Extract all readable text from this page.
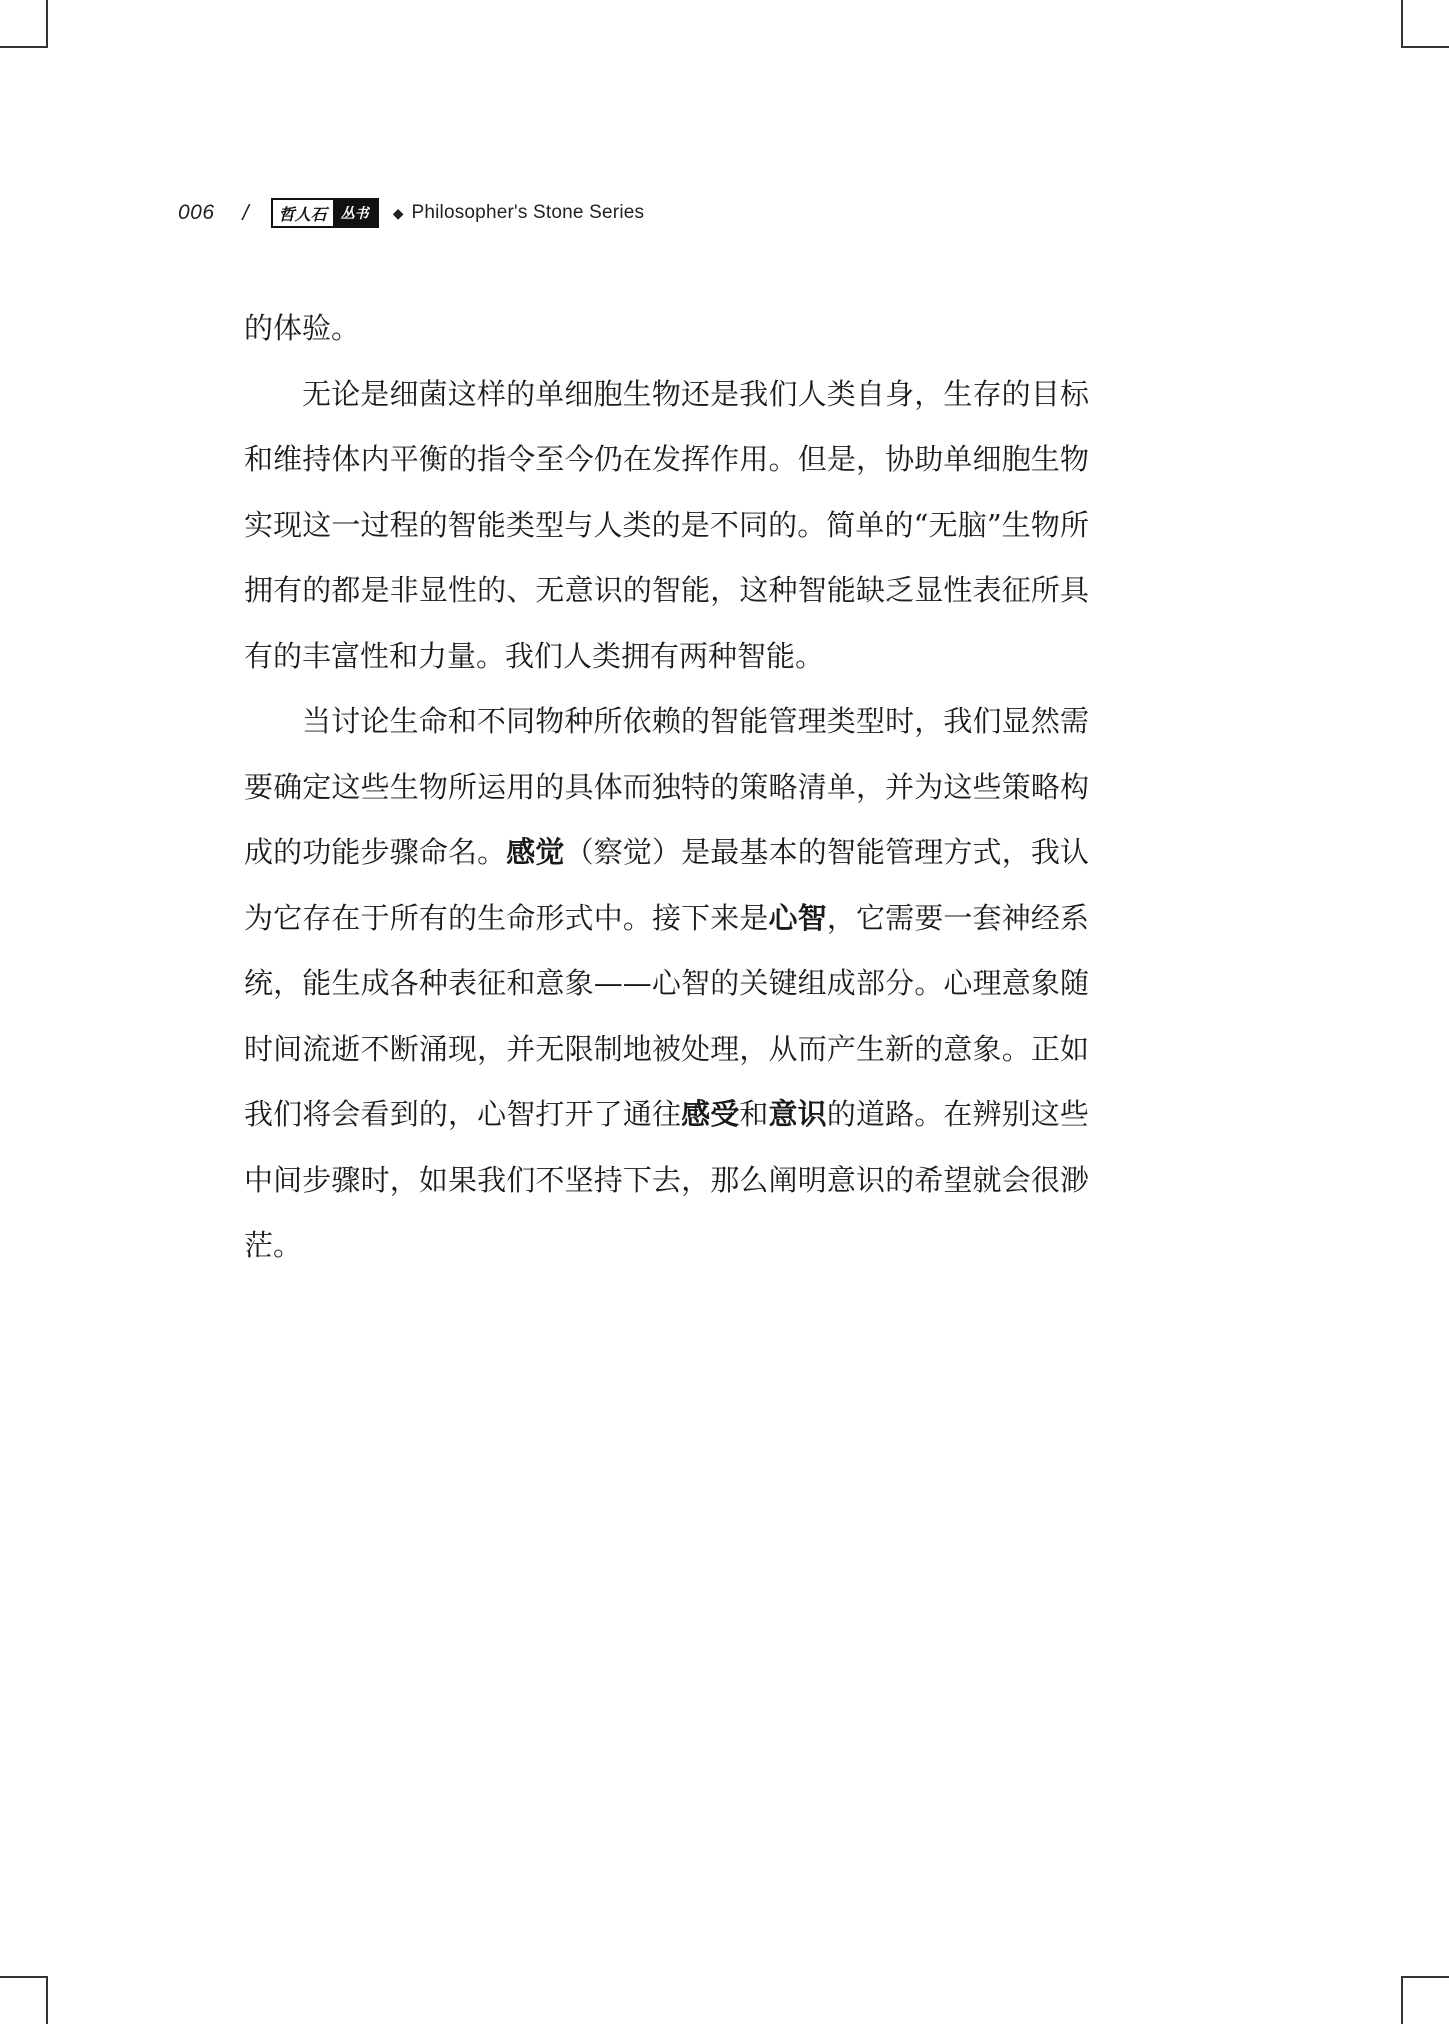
006 /	哲人石	丛书	◆ Philosopher's Stone Series

的体验。

无论是细菌这样的单细胞生物还是我们人类自身，生存的目标和维持体内平衡的指令至今仍在发挥作用。但是，协助单细胞生物实现这一过程的智能类型与人类的是不同的。简单的“无脑”生物所拥有的都是非显性的、无意识的智能，这种智能缺乏显性表征所具有的丰富性和力量。我们人类拥有两种智能。

当讨论生命和不同物种所依赖的智能管理类型时，我们显然需要确定这些生物所运用的具体而独特的策略清单，并为这些策略构成的功能步骤命名。感觉（察觉）是最基本的智能管理方式，我认为它存在于所有的生命形式中。接下来是心智，它需要一套神经系统，能生成各种表征和意象——心智的关键组成部分。心理意象随时间流逝不断涌现，并无限制地被处理，从而产生新的意象。正如我们将会看到的，心智打开了通往感受和意识的道路。在辨别这些中间步骤时，如果我们不坚持下去，那么阐明意识的希望就会很渺茫。
